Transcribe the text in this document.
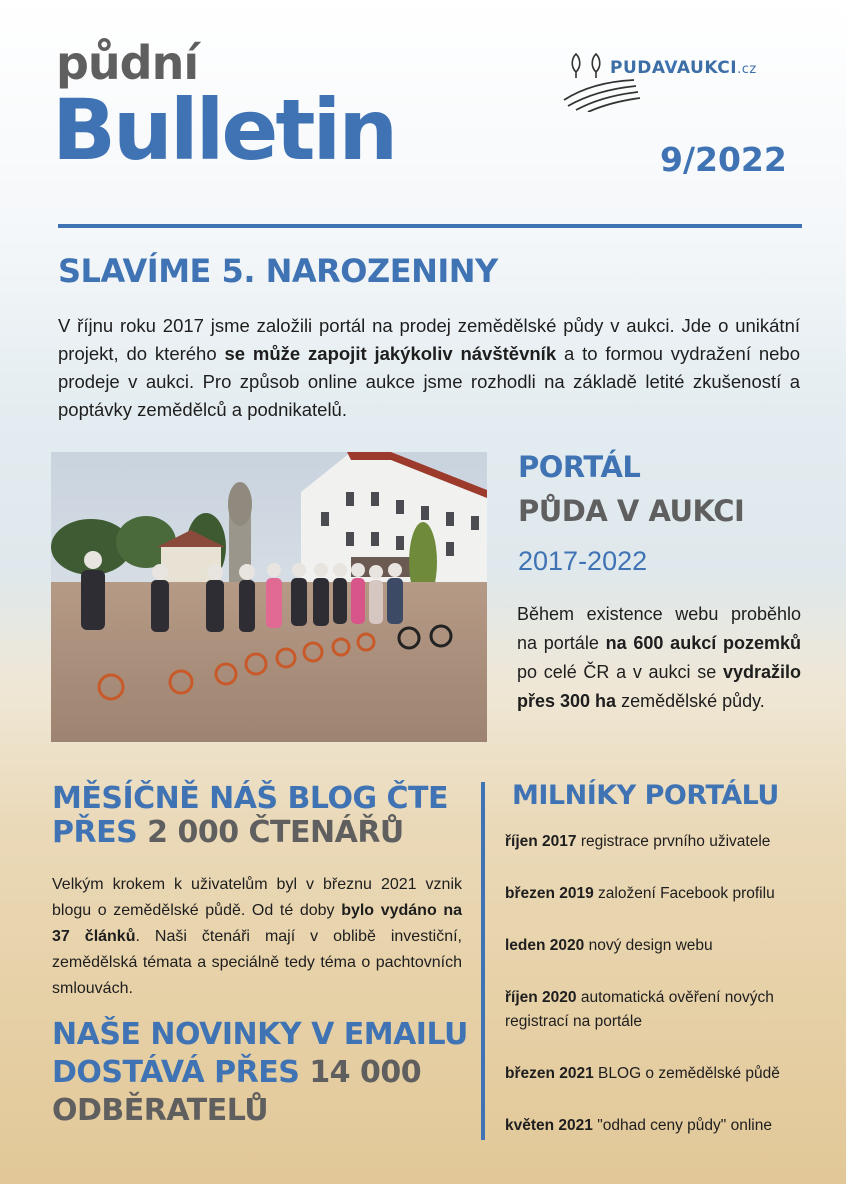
půdní
Bulletin
PUDAVAUKCI.cz
9/2022
SLAVÍME 5. NAROZENINY
V říjnu roku 2017 jsme založili portál na prodej zemědělské půdy v aukci. Jde o unikátní projekt, do kterého se může zapojit jakýkoliv návštěvník a to formou vydražení nebo prodeje v aukci. Pro způsob online aukce jsme rozhodli na základě letité zkušeností a poptávky zemědělců a podnikatelů.
PORTÁL
PŮDA V AUKCI
2017-2022
Během existence webu proběhlo na portále na 600 aukcí pozemků po celé ČR a v aukci se vydražilo přes 300 ha zemědělské půdy.
MĚSÍČNĚ NÁŠ BLOG ČTE PŘES 2 000 ČTENÁŘŮ
Velkým krokem k uživatelům byl v březnu 2021 vznik blogu o zemědělské půdě. Od té doby bylo vydáno na 37 článků. Naši čtenáři mají v oblibě investiční, zemědělská témata a speciálně tedy téma o pachtovních smlouvách.
NAŠE NOVINKY V EMAILU DOSTÁVÁ PŘES 14 000 ODBĚRATELŮ
MILNÍKY PORTÁLU
říjen 2017 registrace prvního uživatele
březen 2019 založení Facebook profilu
leden 2020 nový design webu
říjen 2020 automatická ověření nových registrací na portále
březen 2021 BLOG o zemědělské půdě
květen 2021 "odhad ceny půdy" online
